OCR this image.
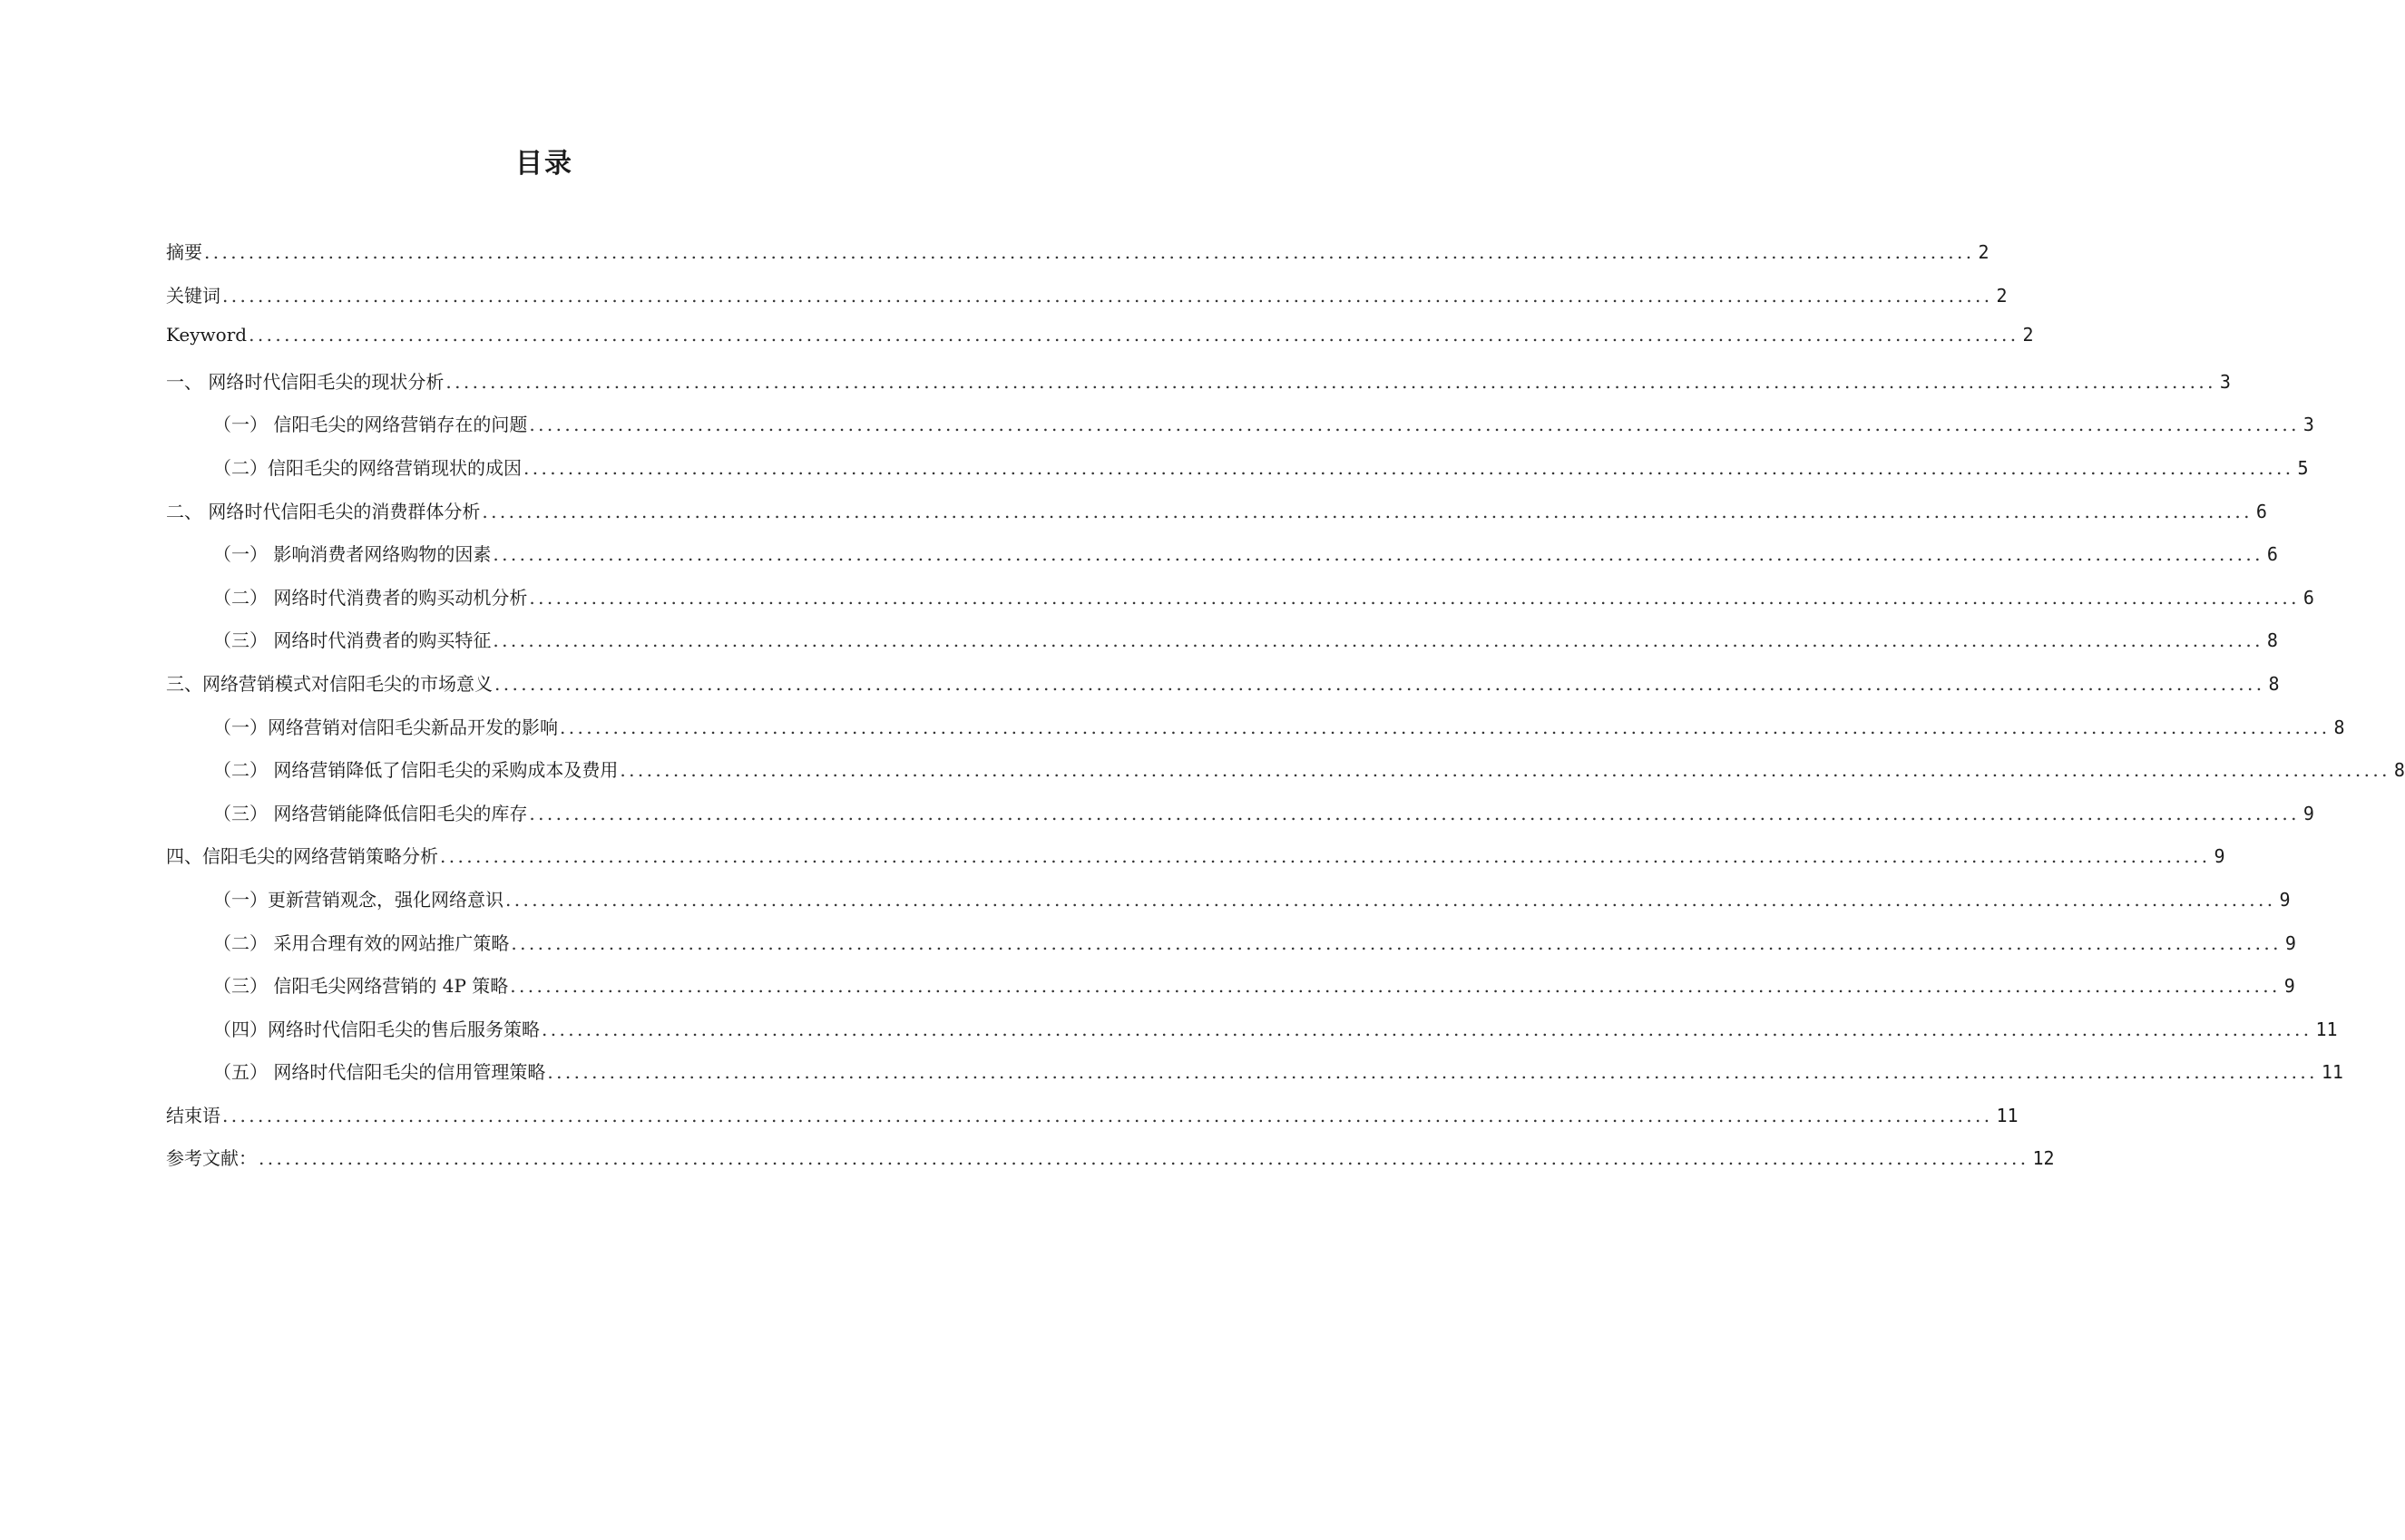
目录
摘要 ........................................................................................................................................................................................................ 2
关键词 ........................................................................................................................................................................................................ 2
Keyword ........................................................................................................................................................................................................ 2
一、 网络时代信阳毛尖的现状分析 ........................................................................................................................................................................................................ 3
（一） 信阳毛尖的网络营销存在的问题 ........................................................................................................................................................................................................ 3
（二）信阳毛尖的网络营销现状的成因 ........................................................................................................................................................................................................ 5
二、 网络时代信阳毛尖的消费群体分析 ........................................................................................................................................................................................................ 6
（一） 影响消费者网络购物的因素 ........................................................................................................................................................................................................ 6
（二） 网络时代消费者的购买动机分析 ........................................................................................................................................................................................................ 6
（三） 网络时代消费者的购买特征 ........................................................................................................................................................................................................ 8
三、网络营销模式对信阳毛尖的市场意义 ........................................................................................................................................................................................................ 8
（一）网络营销对信阳毛尖新品开发的影响 ........................................................................................................................................................................................................ 8
（二） 网络营销降低了信阳毛尖的采购成本及费用 ........................................................................................................................................................................................................ 8
（三） 网络营销能降低信阳毛尖的库存 ........................................................................................................................................................................................................ 9
四、信阳毛尖的网络营销策略分析 ........................................................................................................................................................................................................ 9
（一）更新营销观念，强化网络意识 ........................................................................................................................................................................................................ 9
（二） 采用合理有效的网站推广策略 ........................................................................................................................................................................................................ 9
（三） 信阳毛尖网络营销的 4P 策略 ........................................................................................................................................................................................................ 9
（四）网络时代信阳毛尖的售后服务策略 ........................................................................................................................................................................................................ 11
（五） 网络时代信阳毛尖的信用管理策略 ........................................................................................................................................................................................................ 11
结束语 ........................................................................................................................................................................................................ 11
参考文献： ........................................................................................................................................................................................................ 12
